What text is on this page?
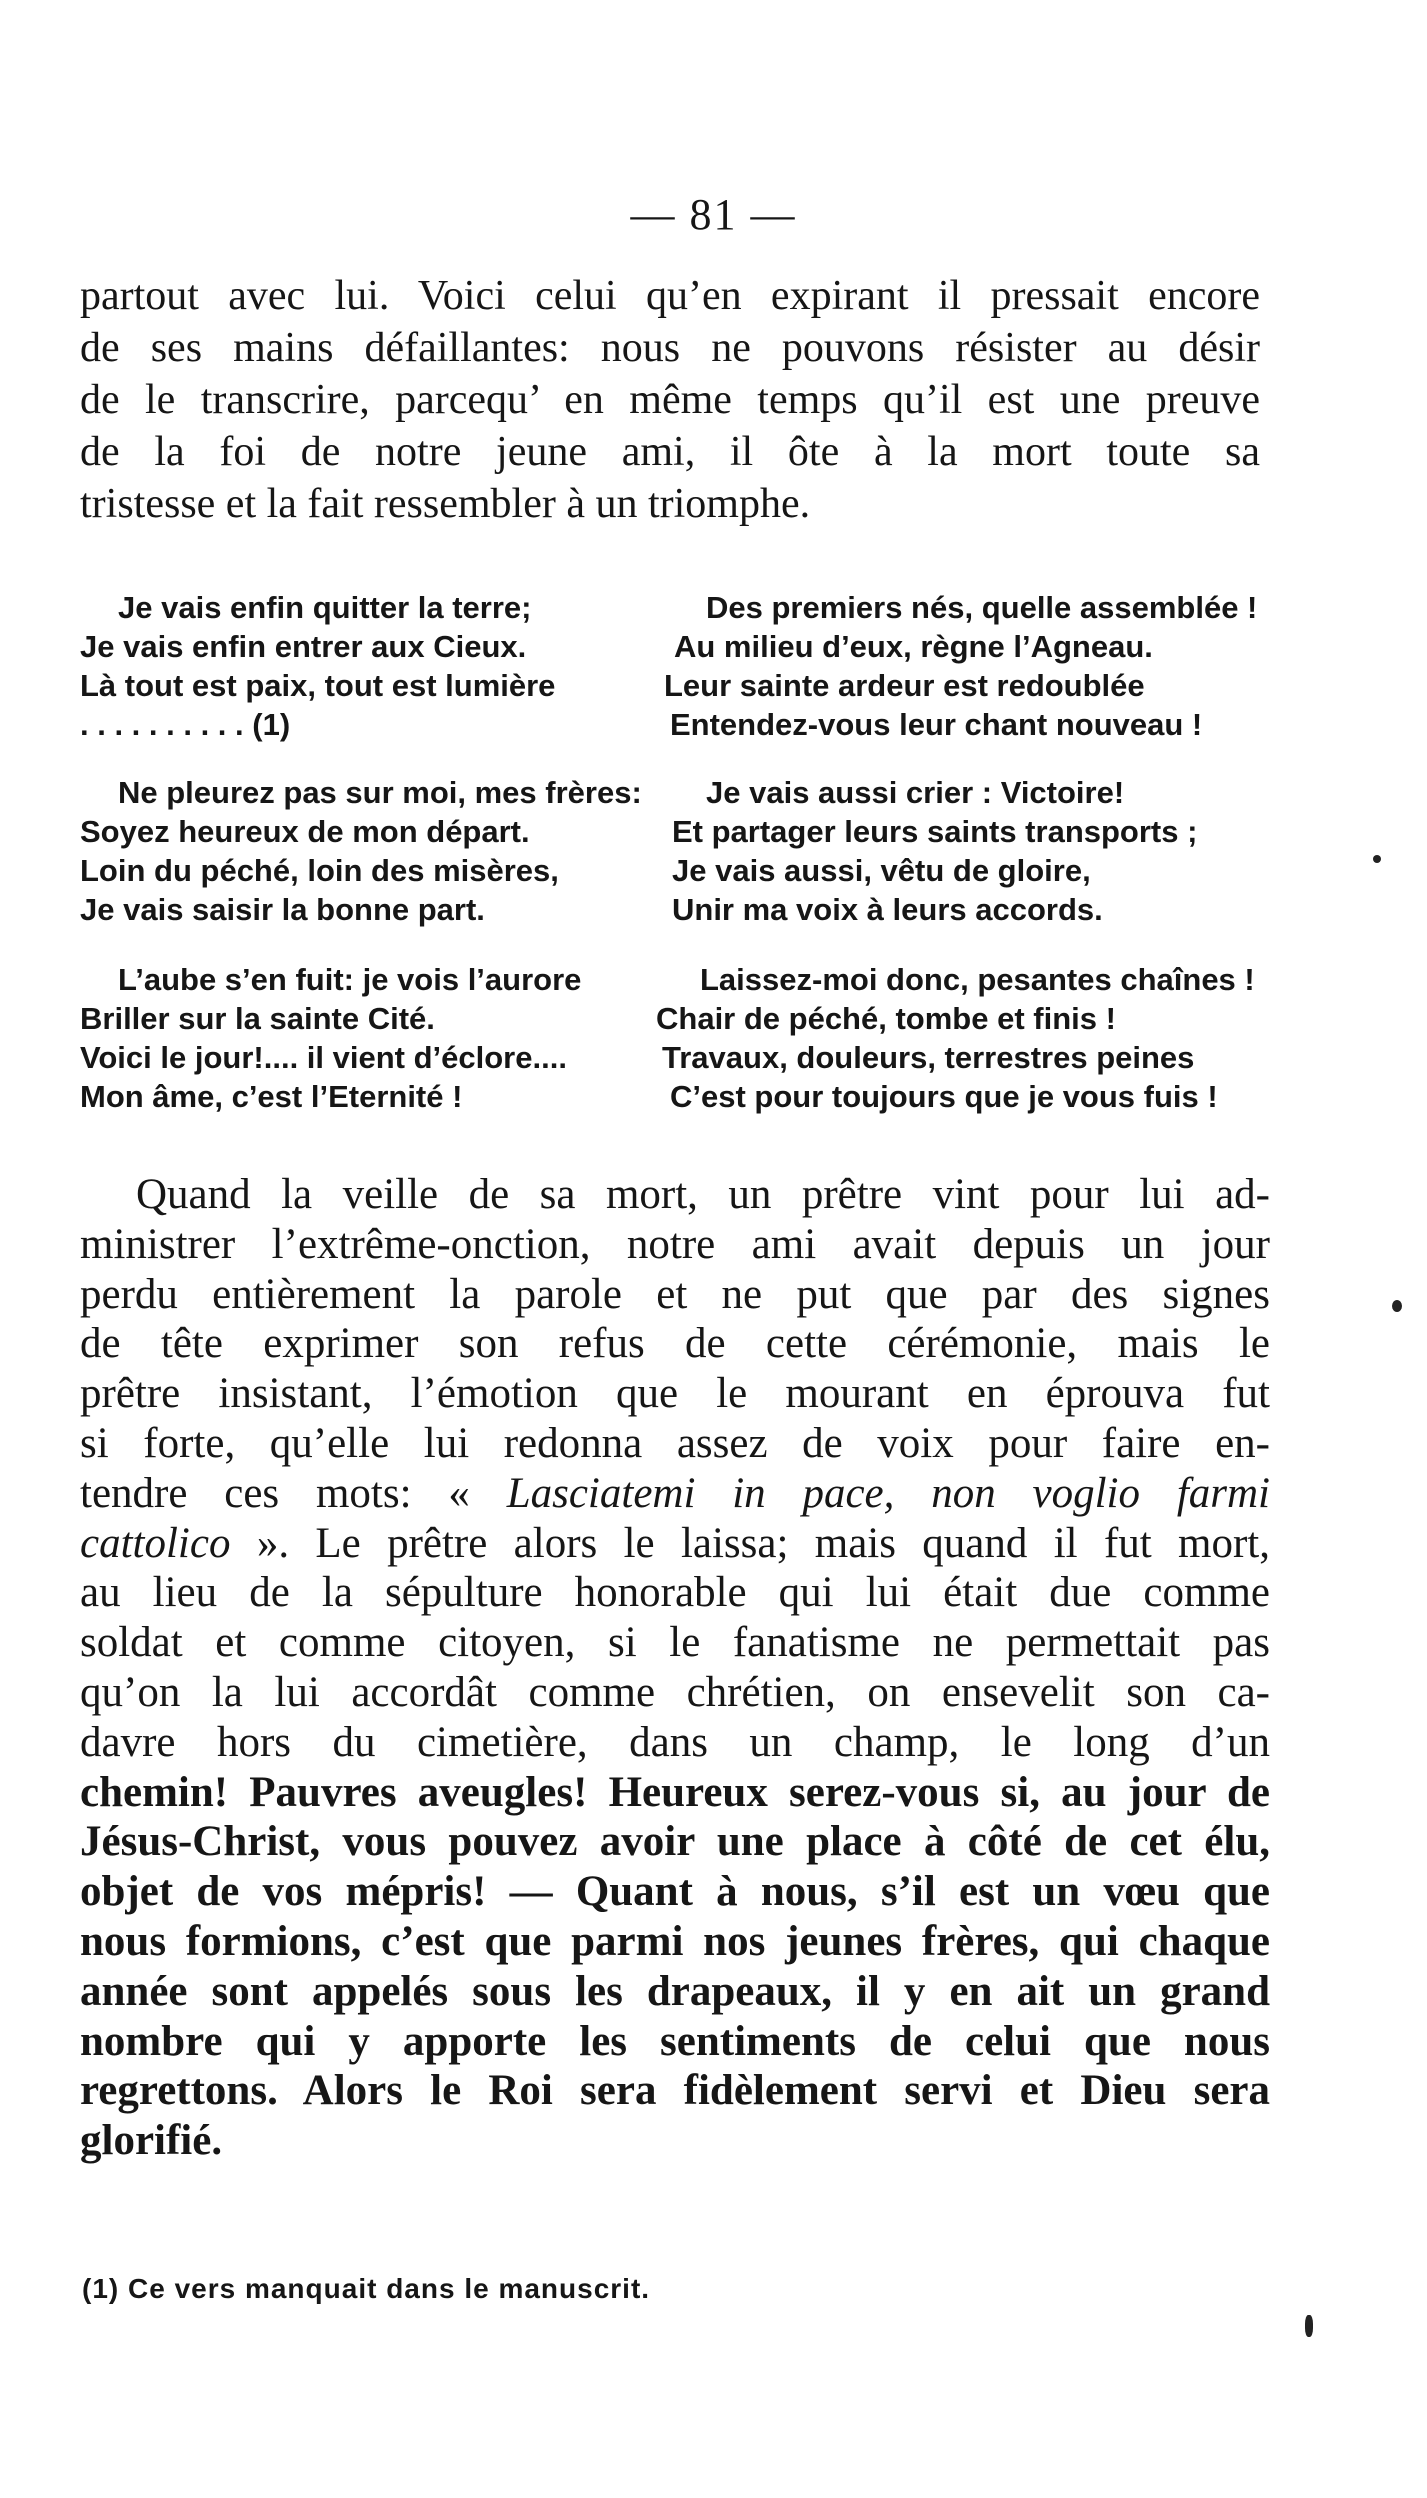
— 81 —
partout avec lui. Voici celui qu’en expirant il pressait encore
de ses mains défaillantes: nous ne pouvons résister au désir
de le transcrire, parcequ’ en même temps qu’il est une preuve
de la foi de notre jeune ami, il ôte à la mort toute sa
tristesse et la fait ressembler à un triomphe.
Je vais enfin quitter la terre;
Je vais enfin entrer aux Cieux.
Là tout est paix, tout est lumière
. . . . . . . . . . (1)
Des premiers nés, quelle assemblée !
Au milieu d’eux, règne l’Agneau.
Leur sainte ardeur est redoublée
Entendez-vous leur chant nouveau !
Ne pleurez pas sur moi, mes frères:
Soyez heureux de mon départ.
Loin du péché, loin des misères,
Je vais saisir la bonne part.
Je vais aussi crier : Victoire!
Et partager leurs saints transports ;
Je vais aussi, vêtu de gloire,
Unir ma voix à leurs accords.
L’aube s’en fuit: je vois l’aurore
Briller sur la sainte Cité.
Voici le jour!.... il vient d’éclore....
Mon âme, c’est l’Eternité !
Laissez-moi donc, pesantes chaînes !
Chair de péché, tombe et finis !
Travaux, douleurs, terrestres peines
C’est pour toujours que je vous fuis !
Quand la veille de sa mort, un prêtre vint pour lui ad-
ministrer l’extrême-onction, notre ami avait depuis un jour
perdu entièrement la parole et ne put que par des signes
de tête exprimer son refus de cette cérémonie, mais le
prêtre insistant, l’émotion que le mourant en éprouva fut
si forte, qu’elle lui redonna assez de voix pour faire en-
tendre ces mots: « Lasciatemi in pace, non voglio farmi
cattolico ». Le prêtre alors le laissa; mais quand il fut mort,
au lieu de la sépulture honorable qui lui était due comme
soldat et comme citoyen, si le fanatisme ne permettait pas
qu’on la lui accordât comme chrétien, on ensevelit son ca-
davre hors du cimetière, dans un champ, le long d’un
chemin! Pauvres aveugles! Heureux serez-vous si, au jour de
Jésus-Christ, vous pouvez avoir une place à côté de cet élu,
objet de vos mépris! — Quant à nous, s’il est un vœu que
nous formions, c’est que parmi nos jeunes frères, qui chaque
année sont appelés sous les drapeaux, il y en ait un grand
nombre qui y apporte les sentiments de celui que nous
regrettons. Alors le Roi sera fidèlement servi et Dieu sera
glorifié.
(1) Ce vers manquait dans le manuscrit.
